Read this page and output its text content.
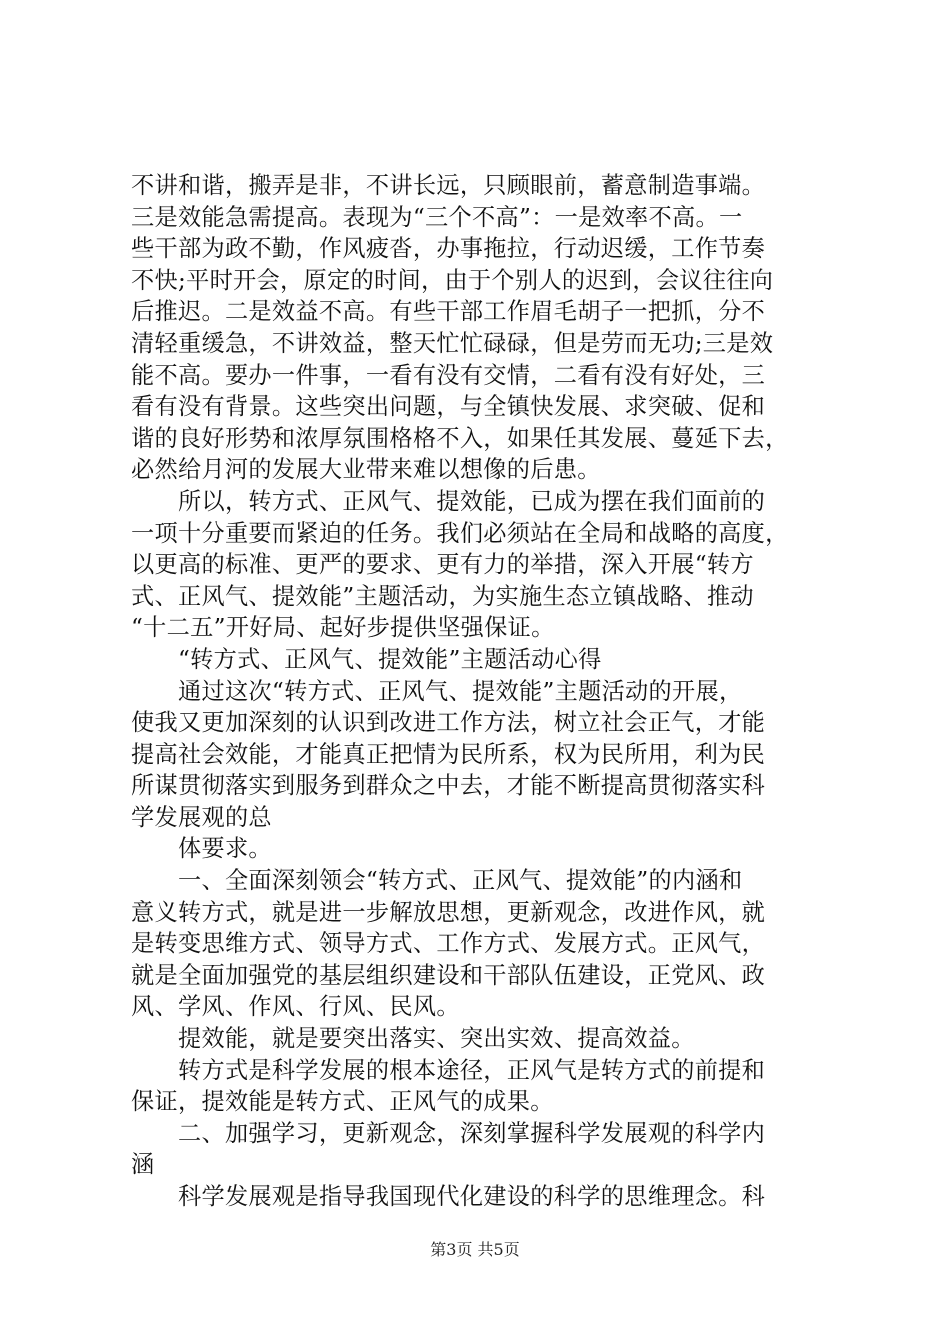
不讲和谐，搬弄是非，不讲长远，只顾眼前，蓄意制造事端。
三是效能急需提高。表现为“三个不高”：一是效率不高。一
些干部为政不勤，作风疲沓，办事拖拉，行动迟缓，工作节奏
不快;平时开会，原定的时间，由于个别人的迟到，会议往往向
后推迟。二是效益不高。有些干部工作眉毛胡子一把抓，分不
清轻重缓急，不讲效益，整天忙忙碌碌，但是劳而无功;三是效
能不高。要办一件事，一看有没有交情，二看有没有好处，三
看有没有背景。这些突出问题，与全镇快发展、求突破、促和
谐的良好形势和浓厚氛围格格不入，如果任其发展、蔓延下去，
必然给月河的发展大业带来难以想像的后患。
　　所以，转方式、正风气、提效能，已成为摆在我们面前的
一项十分重要而紧迫的任务。我们必须站在全局和战略的高度，
以更高的标准、更严的要求、更有力的举措，深入开展“转方
式、正风气、提效能”主题活动，为实施生态立镇战略、推动
“十二五”开好局、起好步提供坚强保证。
　　“转方式、正风气、提效能”主题活动心得
　　通过这次“转方式、正风气、提效能”主题活动的开展，
使我又更加深刻的认识到改进工作方法，树立社会正气，才能
提高社会效能，才能真正把情为民所系，权为民所用，利为民
所谋贯彻落实到服务到群众之中去，才能不断提高贯彻落实科
学发展观的总
　　体要求。
　　一、全面深刻领会“转方式、正风气、提效能”的内涵和
意义转方式，就是进一步解放思想，更新观念，改进作风，就
是转变思维方式、领导方式、工作方式、发展方式。正风气，
就是全面加强党的基层组织建设和干部队伍建设，正党风、政
风、学风、作风、行风、民风。
　　提效能，就是要突出落实、突出实效、提高效益。
　　转方式是科学发展的根本途径，正风气是转方式的前提和
保证，提效能是转方式、正风气的成果。
　　二、加强学习，更新观念，深刻掌握科学发展观的科学内
涵
　　科学发展观是指导我国现代化建设的科学的思维理念。科
第3页 共5页
